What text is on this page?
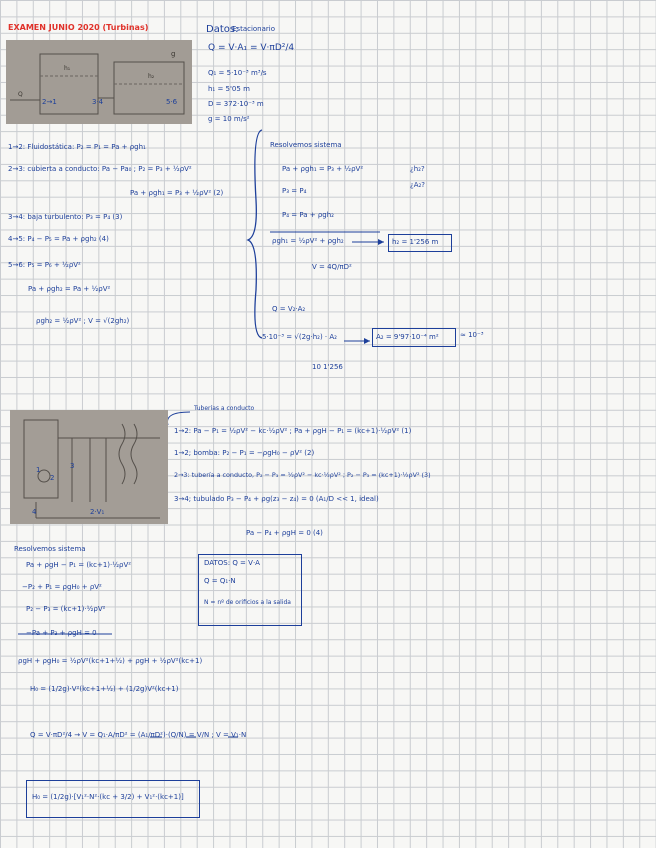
EXAMEN JUNIO 2020 (Turbinas)
h₁
h₂
Q
g
2→1	3·4	5·6
Datos:
Estacionario
Q = V·A₁ = V·πD²/4
Q₁ = 5·10⁻³ m³/s
h₁ = 5'05 m
D = 372·10⁻³ m
g = 10 m/s²
1→2: Fluidostática: P₂ = P₁ = Pa + ρgh₁
2→3: cubierta a conducto: Pa − Pa₀ ; P₂ = P₃ + ½ρV²
Pa + ρgh₁ = P₃ + ½ρV² (2)
3→4: baja turbulento: P₃ = P₄ (3)
4→5: P₄ − P₅ = Pa + ρgh₂ (4)
5→6: P₅ = P₆ + ½ρV²
Pa + ρgh₂ = Pa + ½ρV²
ρgh₂ = ½ρV² ; V = √(2gh₂)
Resolvemos sistema
Pa + ρgh₁ = P₃ + ½ρV²
P₃ = P₄
P₄ = Pa + ρgh₂
ρgh₁ = ½ρV² + ρgh₂
V = 4Q/πD²
¿h₂?
¿A₂?
h₂ = 1'256 m
Q = V₂·A₂
5·10⁻³ = √(2g·h₂) · A₂
10 1'256
A₂ = 9'97·10⁻⁴ m²	≈ 10⁻³
1
2
3
4	2·V₁
Tuberías a conducto
1→2: Pa − P₁ = ½ρV² − kc·½ρV² ; Pa + ρgH − P₁ = (kc+1)·½ρV² (1)
1→2; bomba: P₂ − P₁ = −ρgH₀ − ρV² (2)
2→3: tubería a conducto, P₂ − P₃ = ½ρV² − kc·½ρV² ; P₂ − P₃ = (kc+1)·½ρV² (3)
3→4; tubulado P₃ − P₄ + ρg(z₃ − z₄) = 0 (A₁/D << 1, ideal)
Pa − P₄ + ρgH = 0 (4)
Resolvemos sistema
Pa + ρgH − P₁ = (kc+1)·½ρV²
−P₂ + P₁ = ρgH₀ + ρV²
P₂ − P₃ = (kc+1)·½ρV²
−Pa + P₃ + ρgH = 0
ρgH + ρgH₀ = ½ρV²(kc+1+½) + ρgH + ½ρV²(kc+1)
H₀ = (1/2g)·V²(kc+1+½) + (1/2g)V²(kc+1)
DATOS: Q = V·A
Q = Q₁·N
N = nº de orificios a la salida
Q = V·πD²/4 → V = Q₁·A/πD² = (A₁/πD²)·(Q/N) = V/N ; V = V₁·N
H₀ = (1/2g)·[V₁²·N²·(kc + 3/2) + V₁²·(kc+1)]
